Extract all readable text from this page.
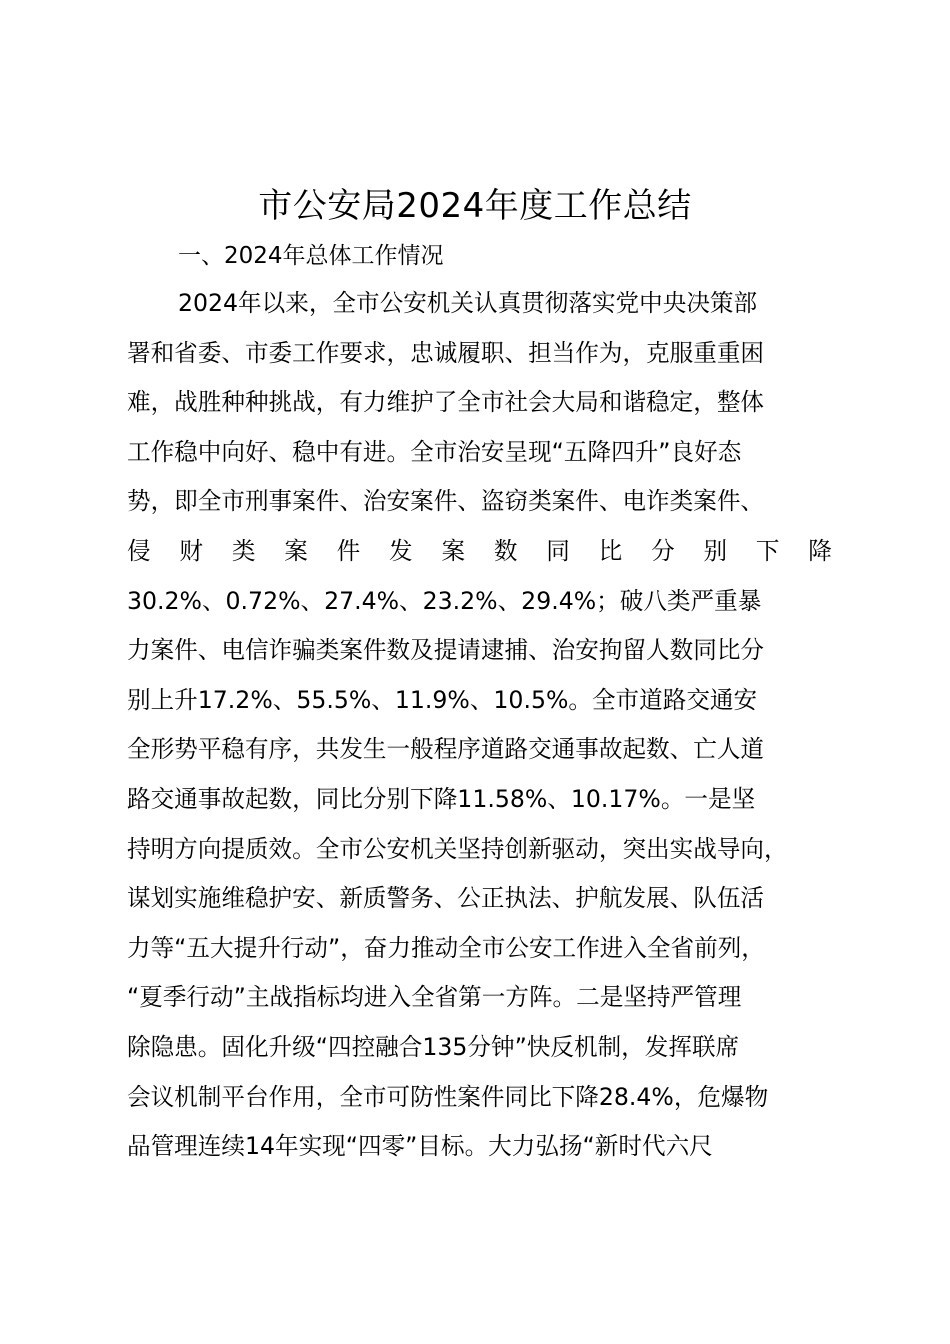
市公安局2024年度工作总结
一、2024年总体工作情况
2024年以来，全市公安机关认真贯彻落实党中央决策部
署和省委、市委工作要求，忠诚履职、担当作为，克服重重困
难，战胜种种挑战，有力维护了全市社会大局和谐稳定，整体
工作稳中向好、稳中有进。全市治安呈现“五降四升”良好态
势，即全市刑事案件、治安案件、盗窃类案件、电诈类案件、
侵 财 类 案 件 发 案 数 同 比 分 别 下 降
30.2%、0.72%、27.4%、23.2%、29.4%；破八类严重暴
力案件、电信诈骗类案件数及提请逮捕、治安拘留人数同比分
别上升17.2%、55.5%、11.9%、10.5%。全市道路交通安
全形势平稳有序，共发生一般程序道路交通事故起数、亡人道
路交通事故起数，同比分别下降11.58%、10.17%。一是坚
持明方向提质效。全市公安机关坚持创新驱动，突出实战导向，
谋划实施维稳护安、新质警务、公正执法、护航发展、队伍活
力等“五大提升行动”，奋力推动全市公安工作进入全省前列，
“夏季行动”主战指标均进入全省第一方阵。二是坚持严管理
除隐患。固化升级“四控融合135分钟”快反机制，发挥联席
会议机制平台作用，全市可防性案件同比下降28.4%，危爆物
品管理连续14年实现“四零”目标。大力弘扬“新时代六尺
